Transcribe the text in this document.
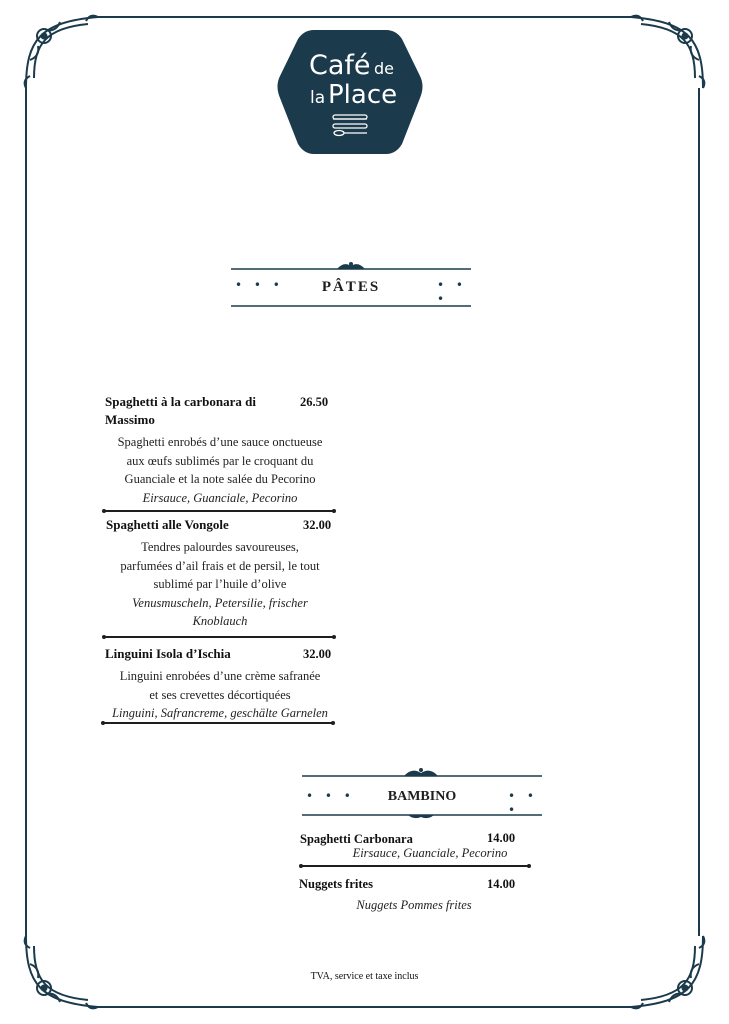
Café de
la Place
• • •	• • •
PÂTES
Spaghetti à la carbonara di
Massimo
26.50
Spaghetti enrobés d’une sauce onctueuse
aux œufs sublimés par le croquant du
Guanciale et la note salée du Pecorino
Eirsauce, Guanciale, Pecorino
Spaghetti alle Vongole	32.00
Tendres palourdes savoureuses,
parfumées d’ail frais et de persil, le tout
sublimé par l’huile d’olive
Venusmuscheln, Petersilie, frischer
Knoblauch
Linguini Isola d’Ischia	32.00
Linguini enrobées d’une crème safranée
et ses crevettes décortiquées
Linguini, Safrancreme, geschälte Garnelen
• • •	• • •
BAMBINO
Spaghetti Carbonara	14.00
Eirsauce, Guanciale, Pecorino
Nuggets frites	14.00
Nuggets Pommes frites
TVA, service et taxe inclus
